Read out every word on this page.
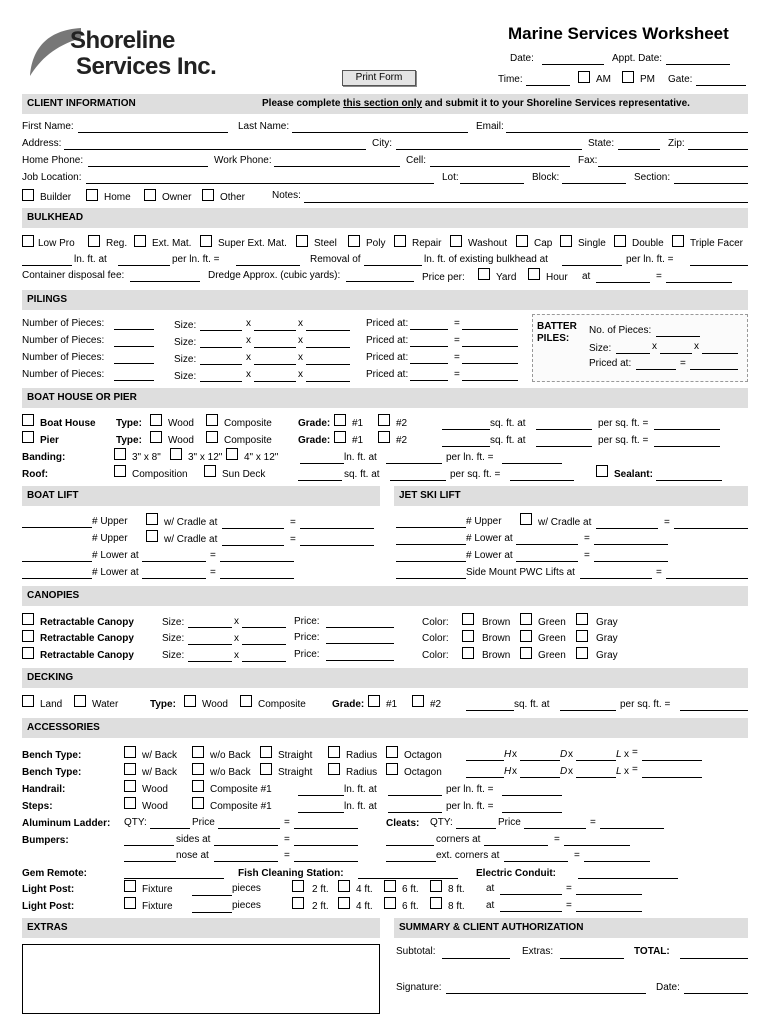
Shoreline
Services Inc.
Marine Services Worksheet
Print Form
Date:	Appt. Date:
Time:	AM	PM Gate:
CLIENT INFORMATION	Please complete this section only and submit it to your Shoreline Services representative.
First Name:	Last Name:	Email:
Address:	City:	State:	Zip:
Home Phone:	Work Phone:	Cell:	Fax:
Job Location:	Lot:	Block:	Section:
Builder	Home	Owner	Other	Notes:
BULKHEAD
Low Pro	Reg. Ext. Mat.	Super Ext. Mat.	Steel	Poly	Repair	Washout	Cap	Single	Double	Triple Facer
ln. ft. at	per ln. ft. =	Removal of	ln. ft. of existing bulkhead at	per ln. ft. =
Container disposal fee:	Dredge Approx. (cubic yards):	Price per:	Yard	Hour at	=
PILINGS
Number of Pieces:	Size:	x	x	Priced at:	=
Number of Pieces:	Size:	x	x	Priced at:	=
Number of Pieces:	Size:	x	x	Priced at:	=
Number of Pieces:	Size:	x	x	Priced at:	=
BATTER
PILES:
No. of Pieces:
Size:	x	x
Priced at:	=
BOAT HOUSE OR PIER
Boat House Type:	Wood	Composite	Grade: #1	#2	sq. ft. at	per sq. ft. =
Pier	Type:	Wood	Composite	Grade: #1	#2	sq. ft. at	per sq. ft. =
Banding:	3" x 8"	3" x 12" 4" x 12"	ln. ft. at	per ln. ft. =
Roof:	Composition	Sun Deck	sq. ft. at	per sq. ft. =	Sealant:
BOAT LIFT	JET SKI LIFT
# Upper	w/ Cradle at	=
# Upper	w/ Cradle at	=
# Lower at	=
# Lower at	=
# Upper	w/ Cradle at	=
# Lower at	=
# Lower at	=
Side Mount PWC Lifts at	=
CANOPIES
Retractable Canopy	Size:	x	Price:	Color:	Brown	Green	Gray
Retractable Canopy	Size:	x	Price:	Color:	Brown	Green	Gray
Retractable Canopy	Size:	x	Price:	Color:	Brown	Green	Gray
DECKING
Land	Water	Type:	Wood	Composite	Grade: #1	#2	sq. ft. at	per sq. ft. =
ACCESSORIES
Bench Type:	w/ Back	w/o Back	Straight	Radius	Octagon	H x	D x	L x =
Bench Type:	w/ Back	w/o Back	Straight	Radius	Octagon	H x	D x	L x =
Handrail:	Wood	Composite #1	ln. ft. at	per ln. ft. =
Steps:	Wood	Composite #1	ln. ft. at	per ln. ft. =
Aluminum Ladder: QTY:	Price	=	Cleats: QTY:	Price	=
Bumpers:	sides at	=	corners at	=
nose at	=	ext. corners at	=
Gem Remote:	Fish Cleaning Station:	Electric Conduit:
Light Post:	Fixture	pieces	2 ft.	4 ft.	6 ft.	8 ft. at	=
Light Post:	Fixture	pieces	2 ft.	4 ft.	6 ft.	8 ft. at	=
EXTRAS	SUMMARY & CLIENT AUTHORIZATION
Subtotal:	Extras:	TOTAL:
Signature:	Date:
